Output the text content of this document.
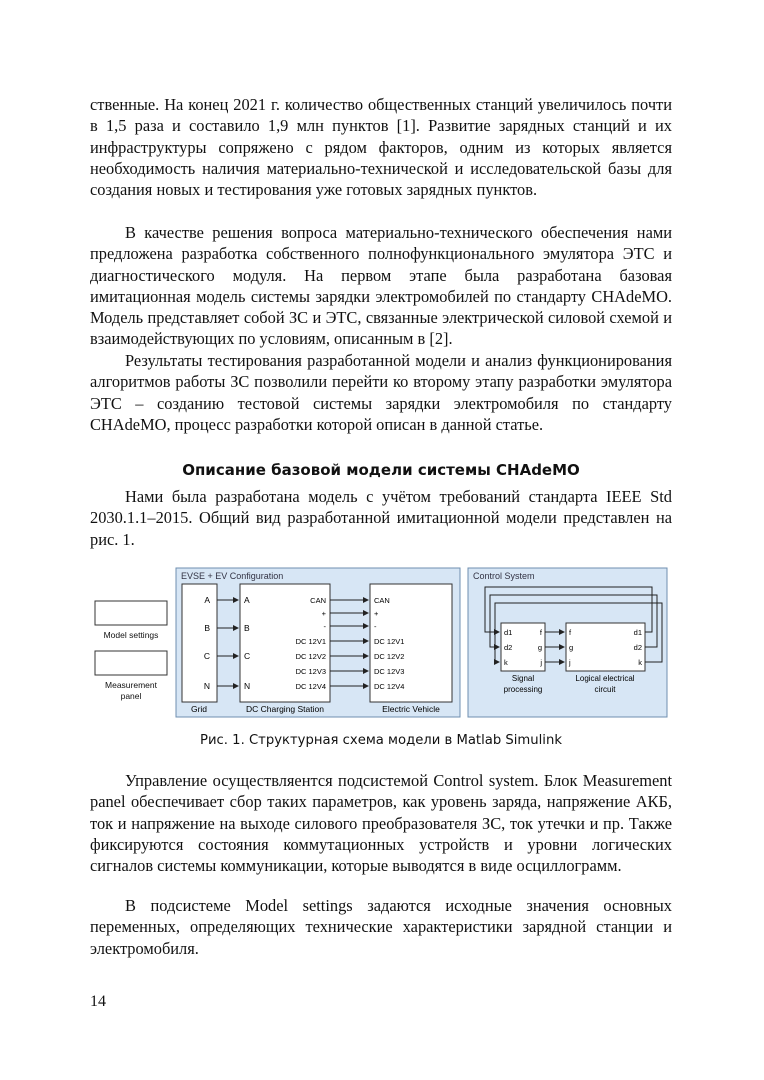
ственные. На конец 2021 г. количество общественных станций увеличилось почти в 1,5 раза и составило 1,9 млн пунктов [1]. Развитие зарядных станций и их инфраструктуры сопряжено с рядом факторов, одним из которых является необходимость наличия материально-технической и исследовательской базы для создания новых и тестирования уже готовых зарядных пунктов.

В качестве решения вопроса материально-технического обеспечения нами предложена разработка собственного полнофункционального эмулятора ЭТС и диагностического модуля. На первом этапе была разработана базовая имитационная модель системы зарядки электромобилей по стандарту CHAdeMO. Модель представляет собой ЗС и ЭТС, связанные электрической силовой схемой и взаимодействующих по условиям, описанным в [2].

Результаты тестирования разработанной модели и анализ функционирования алгоритмов работы ЗС позволили перейти ко второму этапу разработки эмулятора ЭТС – созданию тестовой системы зарядки электромобиля по стандарту CHAdeMO, процесс разработки которой описан в данной статье.

Описание базовой модели системы CHAdeMO

Нами была разработана модель с учётом требований стандарта IEEE Std 2030.1.1–2015. Общий вид разработанной имитационной модели представлен на рис. 1.

Model settings
Measurement
panel
EVSE + EV Configuration
A
B
C
N
Grid
A
B
C
N
CAN
+
-
DC 12V1
DC 12V2
DC 12V3
DC 12V4
DC Charging Station
CAN
+
-
DC 12V1
DC 12V2
DC 12V3
DC 12V4
Electric Vehicle
Control System
d1
d2
k
f
g
j
Signal
processing
f
g
j
d1
d2
k
Logical electrical
circuit
Рис. 1. Структурная схема модели в Matlab Simulink

Управление осуществляентся подсистемой Control system. Блок Measurement panel обеспечивает сбор таких параметров, как уровень заряда, напряжение АКБ, ток и напряжение на выходе силового преобразователя ЗС, ток утечки и пр. Также фиксируются состояния коммутационных устройств и уровни логических сигналов системы коммуникации, которые выводятся в виде осциллограмм.

В подсистеме Model settings задаются исходные значения основных переменных, определяющих технические характеристики зарядной станции и электромобиля.

14
